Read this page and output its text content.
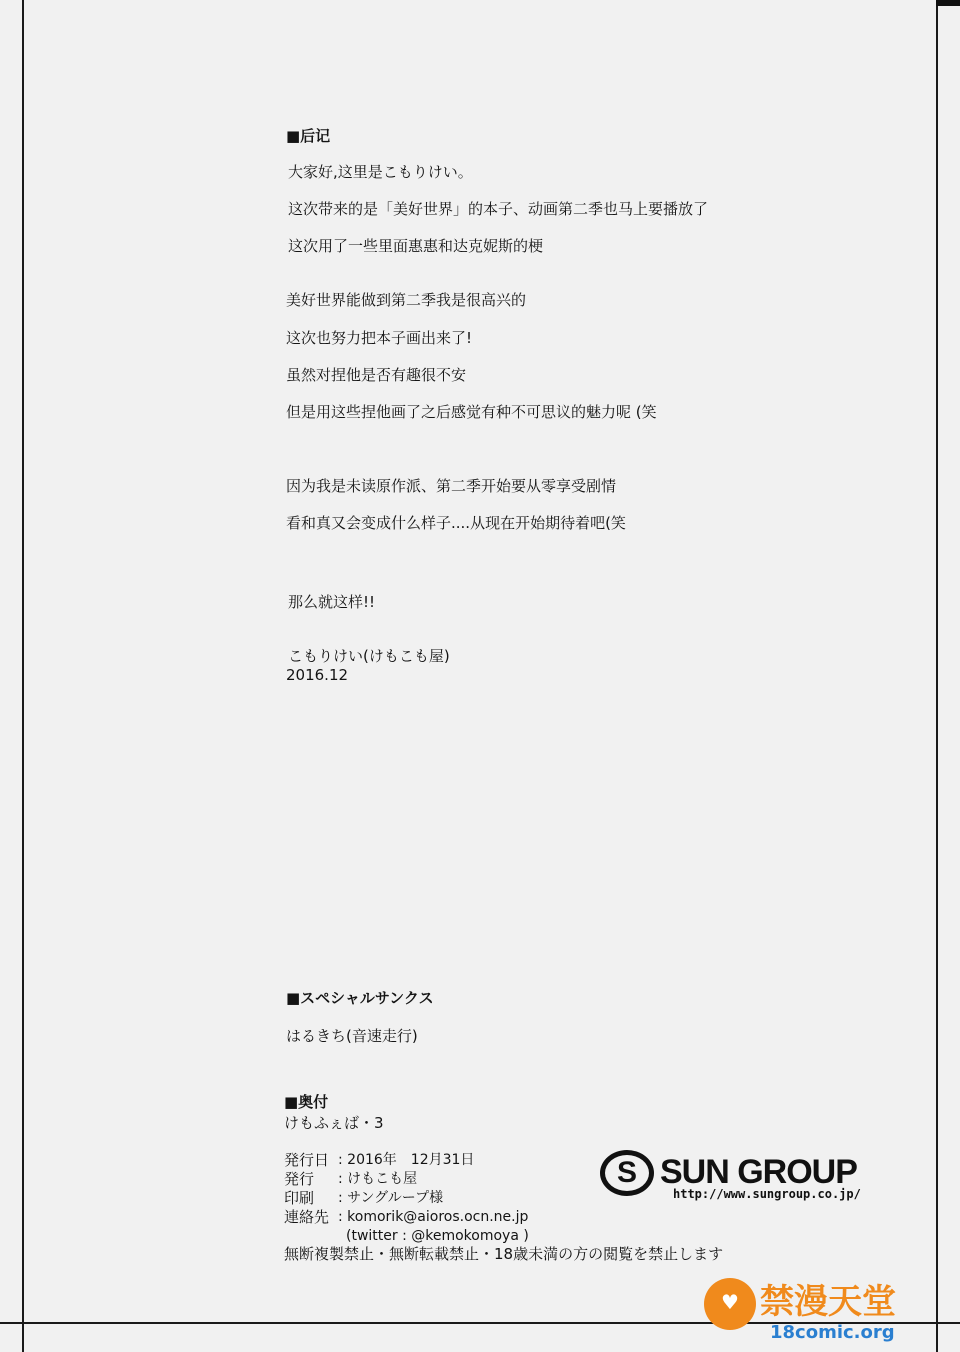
■后记
大家好,这里是こもりけい。
这次带来的是「美好世界」的本子、动画第二季也马上要播放了
这次用了一些里面惠惠和达克妮斯的梗
美好世界能做到第二季我是很高兴的
这次也努力把本子画出来了!
虽然对捏他是否有趣很不安
但是用这些捏他画了之后感觉有种不可思议的魅力呢 (笑
因为我是未读原作派、第二季开始要从零享受剧情
看和真又会变成什么样子....从现在开始期待着吧(笑
那么就这样!!
こもりけい(けもこも屋)
2016.12
■スペシャルサンクス
はるきち(音速走行)
■奥付
けもふぇば・3
発行日 : 2016年　12月31日
発行	: けもこも屋
印刷	: サングループ様
連絡先 : komorik@aioros.ocn.ne.jp
(twitter : @kemokomoya )
無断複製禁止・無断転載禁止・18歳未満の方の閲覧を禁止します
S SUN GROUP
http://www.sungroup.co.jp/
♥ 禁漫天堂
18comic.org
